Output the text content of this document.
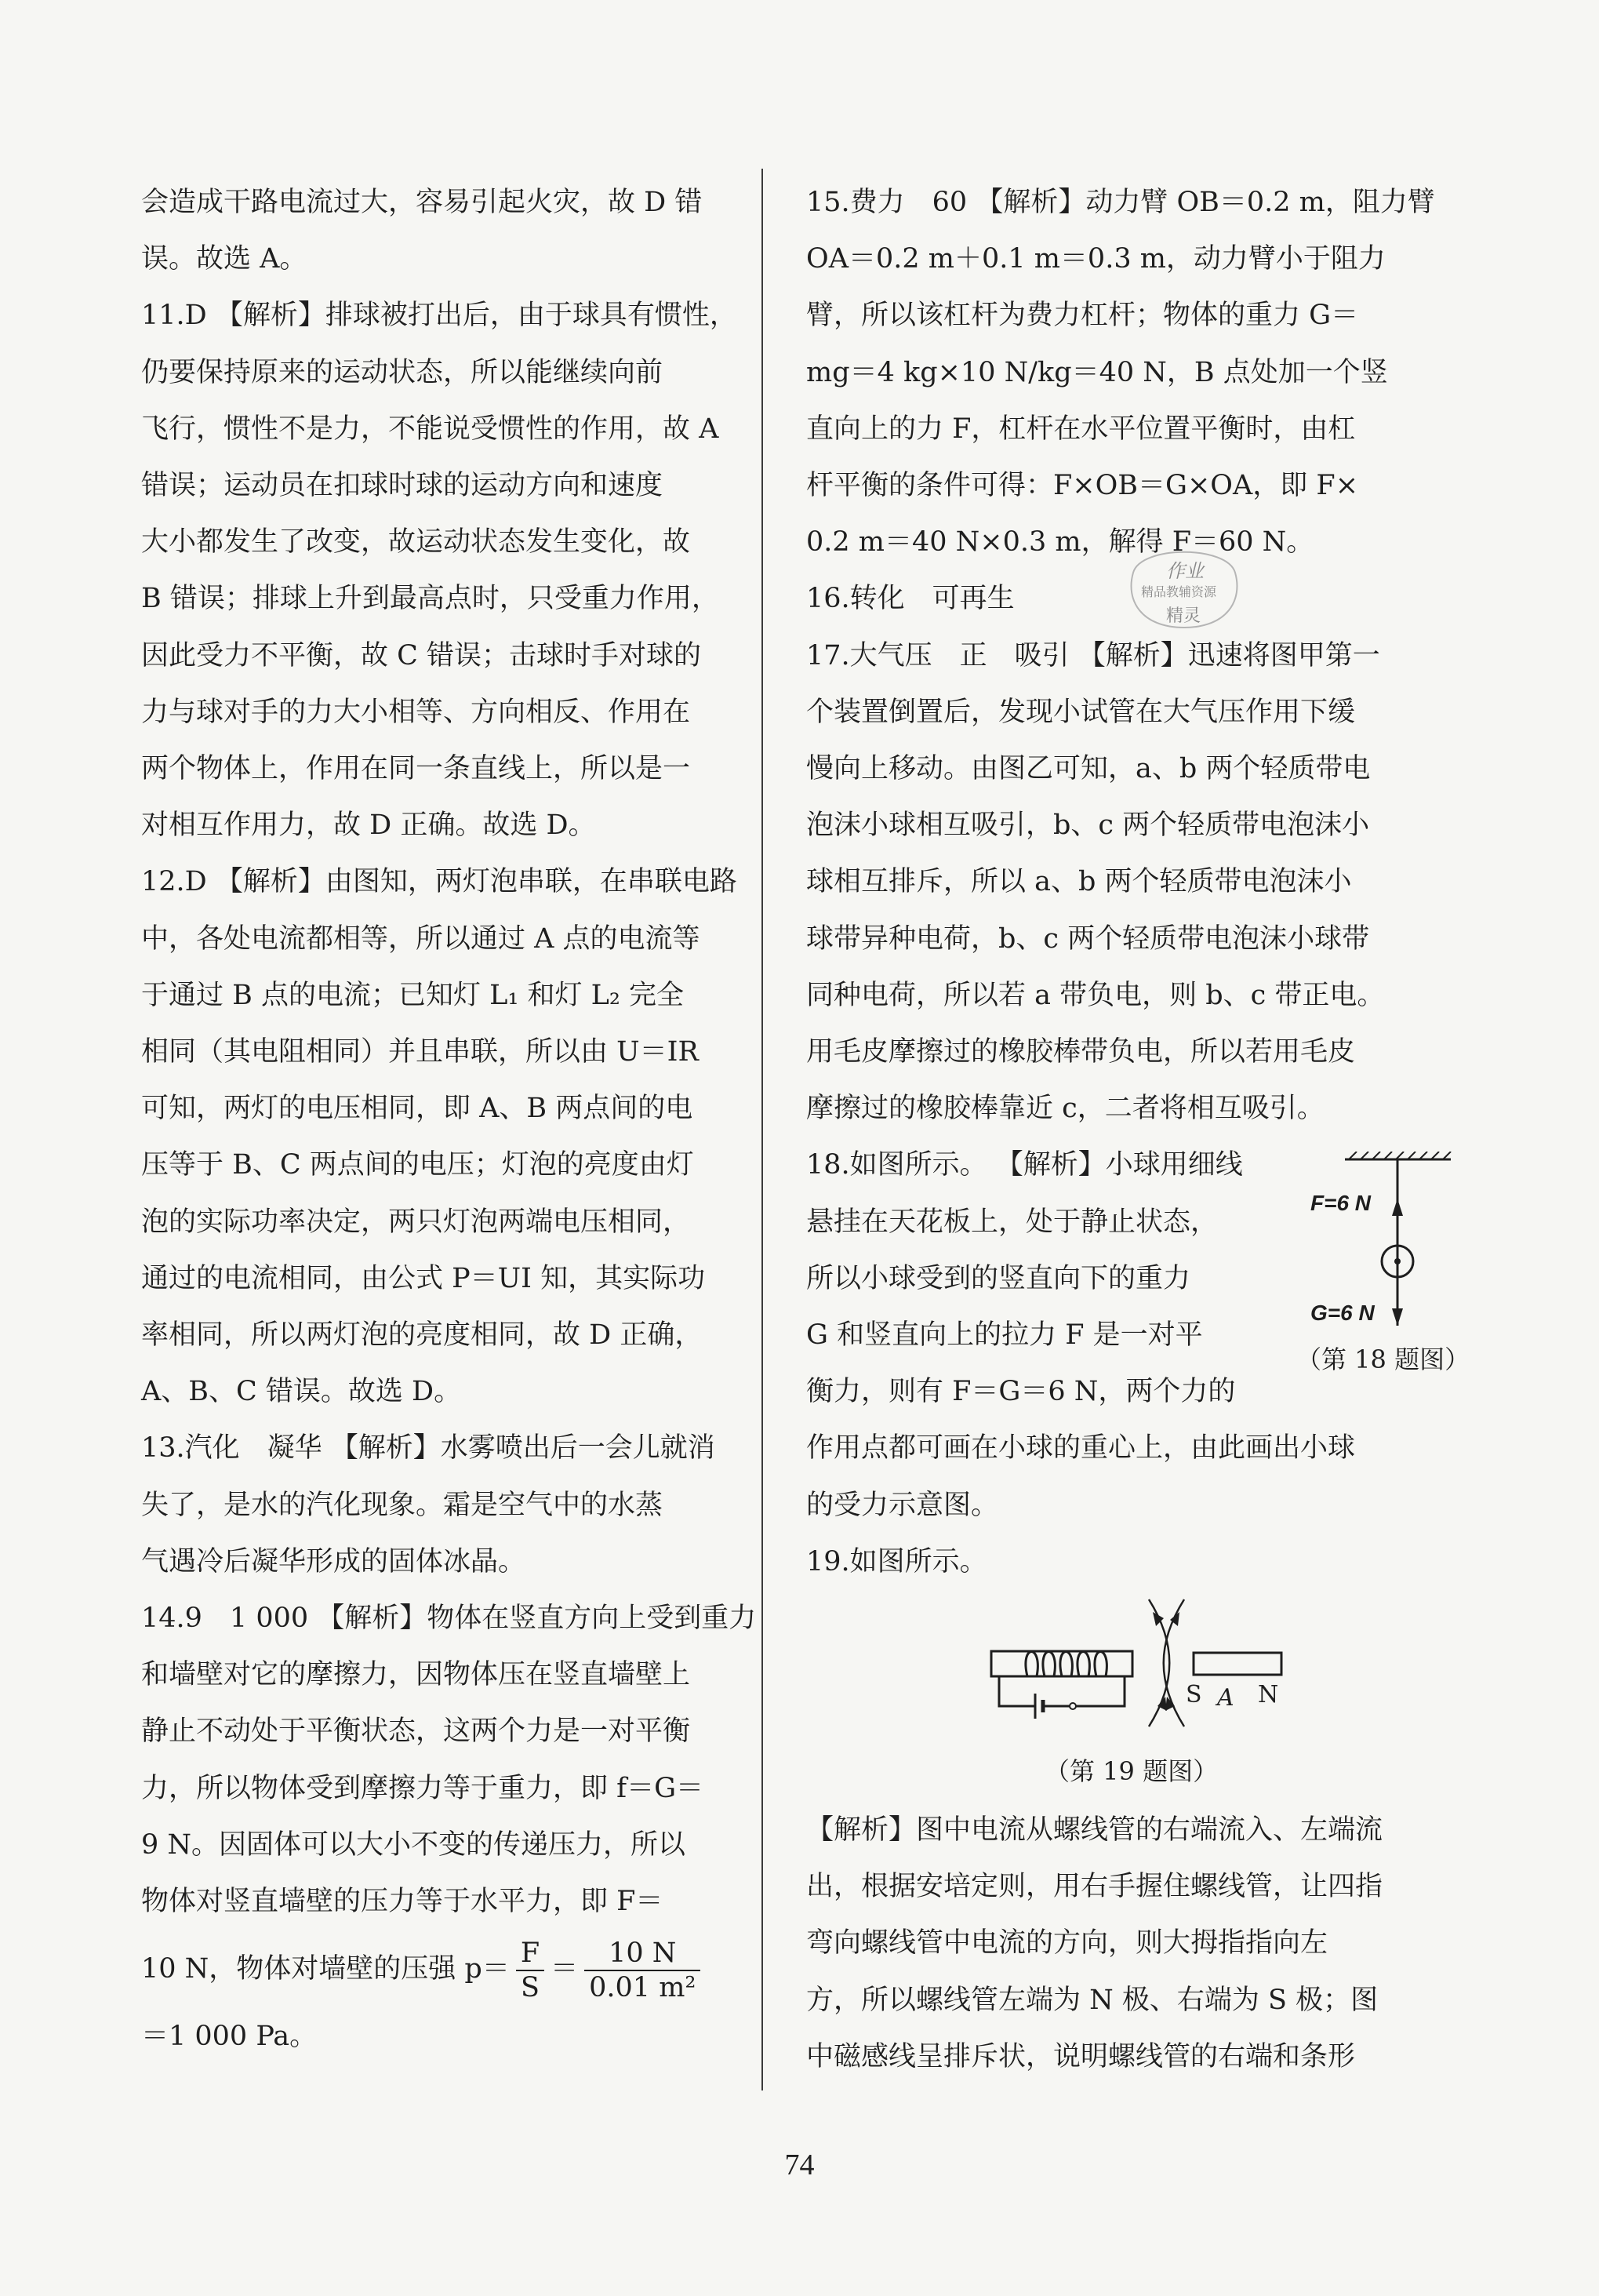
会造成干路电流过大，容易引起火灾，故 D 错

误。故选 A。

11.D 【解析】排球被打出后，由于球具有惯性，

仍要保持原来的运动状态，所以能继续向前

飞行，惯性不是力，不能说受惯性的作用，故 A

错误；运动员在扣球时球的运动方向和速度

大小都发生了改变，故运动状态发生变化，故

B 错误；排球上升到最高点时，只受重力作用，

因此受力不平衡，故 C 错误；击球时手对球的

力与球对手的力大小相等、方向相反、作用在

两个物体上，作用在同一条直线上，所以是一

对相互作用力，故 D 正确。故选 D。

12.D 【解析】由图知，两灯泡串联，在串联电路

中，各处电流都相等，所以通过 A 点的电流等

于通过 B 点的电流；已知灯 L₁ 和灯 L₂ 完全

相同（其电阻相同）并且串联，所以由 U＝IR

可知，两灯的电压相同，即 A、B 两点间的电

压等于 B、C 两点间的电压；灯泡的亮度由灯

泡的实际功率决定，两只灯泡两端电压相同，

通过的电流相同，由公式 P＝UI 知，其实际功

率相同，所以两灯泡的亮度相同，故 D 正确，

A、B、C 错误。故选 D。

13.汽化　凝华 【解析】水雾喷出后一会儿就消

失了，是水的汽化现象。霜是空气中的水蒸

气遇冷后凝华形成的固体冰晶。

14.9　1 000 【解析】物体在竖直方向上受到重力

和墙壁对它的摩擦力，因物体压在竖直墙壁上

静止不动处于平衡状态，这两个力是一对平衡

力，所以物体受到摩擦力等于重力，即 f＝G＝

9 N。因固体可以大小不变的传递压力，所以

物体对竖直墙壁的压力等于水平力，即 F＝

10 N，物体对墙壁的压强 $p= \frac{F}{S} = \frac{10 N}{\text{0.01 m²}}$

＝1 000 Pa。

15.费力　60 【解析】动力臂 OB＝0.2 m，阻力臂

OA＝0.2 m＋0.1 m＝0.3 m，动力臂小于阻力

臂，所以该杠杆为费力杠杆；物体的重力 G＝

mg＝4 kg×10 N/kg＝40 N，B 点处加一个竖

直向上的力 F，杠杆在水平位置平衡时，由杠

杆平衡的条件可得：F×OB＝G×OA，即 F×

0.2 m＝40 N×0.3 m，解得 F＝60 N。

16.转化　可再生

17.大气压　正　吸引 【解析】迅速将图甲第一

个装置倒置后，发现小试管在大气压作用下缓

慢向上移动。由图乙可知，a、b 两个轻质带电

泡沫小球相互吸引，b、c 两个轻质带电泡沫小

球相互排斥，所以 a、b 两个轻质带电泡沫小

球带异种电荷，b、c 两个轻质带电泡沫小球带

同种电荷，所以若 a 带负电，则 b、c 带正电。

用毛皮摩擦过的橡胶棒带负电，所以若用毛皮

摩擦过的橡胶棒靠近 c，二者将相互吸引。

18.如图所示。 【解析】小球用细线

悬挂在天花板上，处于静止状态，

所以小球受到的竖直向下的重力

G 和竖直向上的拉力 F 是一对平

衡力，则有 F＝G＝6 N，两个力的

作用点都可画在小球的重心上，由此画出小球

的受力示意图。

19.如图所示。

【解析】图中电流从螺线管的右端流入、左端流

出，根据安培定则，用右手握住螺线管，让四指

弯向螺线管中电流的方向，则大拇指指向左

方，所以螺线管左端为 N 极、右端为 S 极；图

中磁感线呈排斥状，说明螺线管的右端和条形

F=6 N
G=6 N
（第 18 题图）
S A N
（第 19 题图）
作业
精品教辅资源
精灵
74
